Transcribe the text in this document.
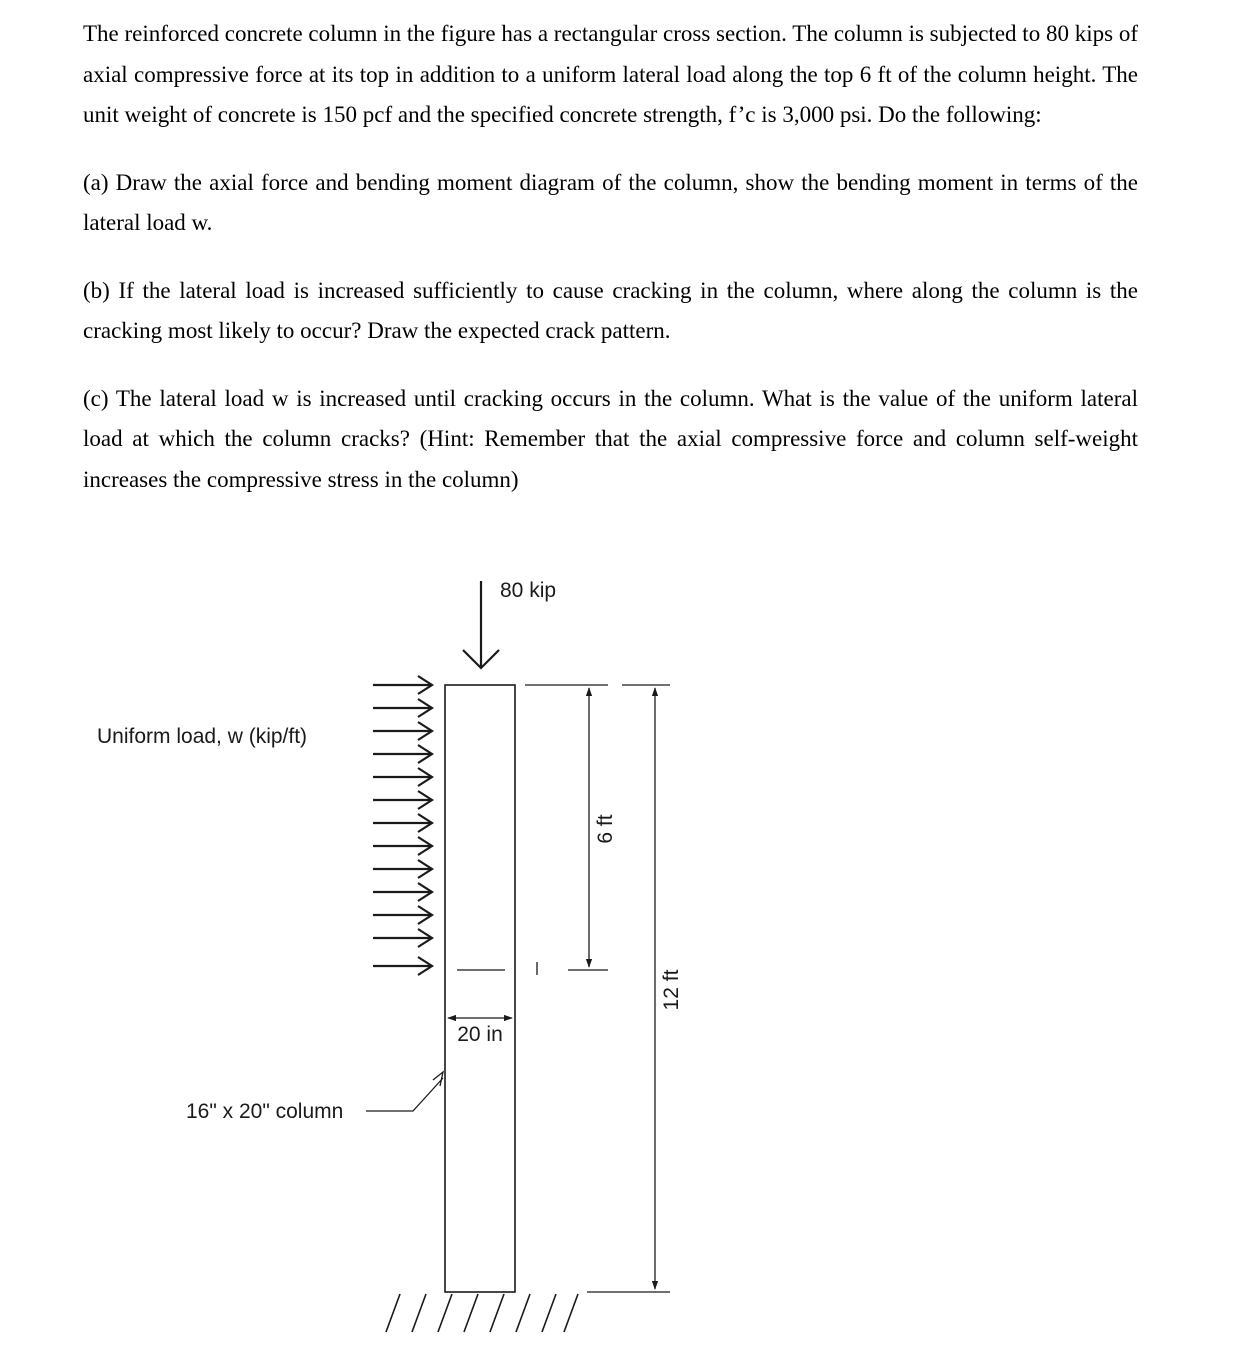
The reinforced concrete column in the figure has a rectangular cross section. The column is subjected to 80 kips of axial compressive force at its top in addition to a uniform lateral load along the top 6 ft of the column height. The unit weight of concrete is 150 pcf and the specified concrete strength, f’c is 3,000 psi. Do the following:

(a) Draw the axial force and bending moment diagram of the column, show the bending moment in terms of the lateral load w.

(b) If the lateral load is increased sufficiently to cause cracking in the column, where along the column is the cracking most likely to occur? Draw the expected crack pattern.

(c) The lateral load w is increased until cracking occurs in the column. What is the value of the uniform lateral load at which the column cracks? (Hint: Remember that the axial compressive force and column self-weight increases the compressive stress in the column)

80 kip
Uniform load, w (kip/ft)
6 ft
12 ft
20 in
16" x 20" column
